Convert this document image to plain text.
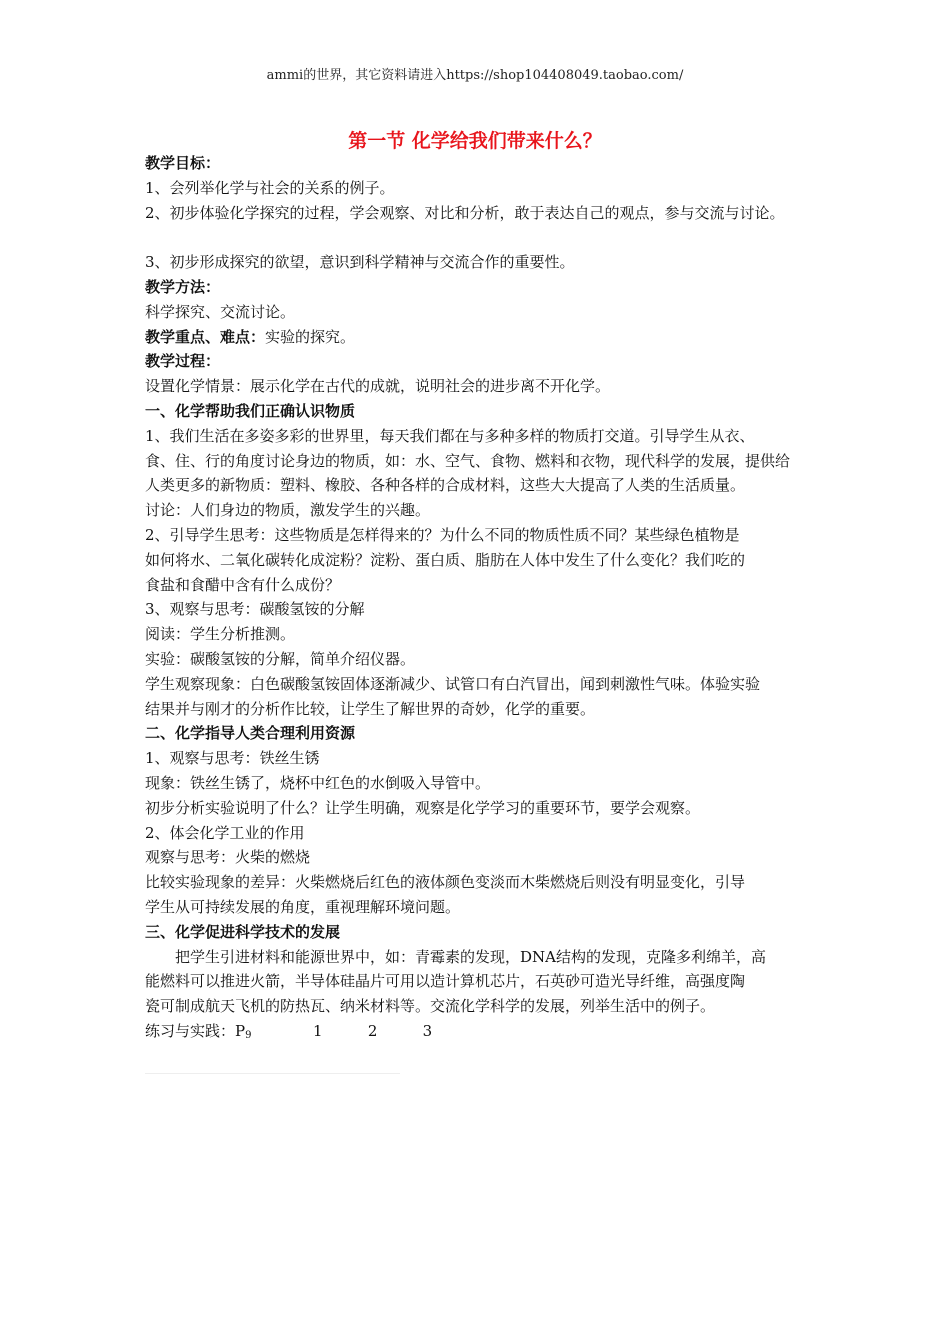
ammi的世界，其它资料请进入https://shop104408049.taobao.com/
第一节 化学给我们带来什么？
教学目标：
1、会列举化学与社会的关系的例子。
2、初步体验化学探究的过程，学会观察、对比和分析，敢于表达自己的观点，参与交流与讨论。
3、初步形成探究的欲望，意识到科学精神与交流合作的重要性。
教学方法：
科学探究、交流讨论。
教学重点、难点：实验的探究。
教学过程：
设置化学情景：展示化学在古代的成就，说明社会的进步离不开化学。
一、化学帮助我们正确认识物质
1、我们生活在多姿多彩的世界里，每天我们都在与多种多样的物质打交道。引导学生从衣、
食、住、行的角度讨论身边的物质，如：水、空气、食物、燃料和衣物，现代科学的发展，提供给
人类更多的新物质：塑料、橡胶、各种各样的合成材料，这些大大提高了人类的生活质量。
讨论：人们身边的物质，激发学生的兴趣。
2、引导学生思考：这些物质是怎样得来的？为什么不同的物质性质不同？某些绿色植物是
如何将水、二氧化碳转化成淀粉？淀粉、蛋白质、脂肪在人体中发生了什么变化？我们吃的
食盐和食醋中含有什么成份？
3、观察与思考：碳酸氢铵的分解
阅读：学生分析推测。
实验：碳酸氢铵的分解，简单介绍仪器。
学生观察现象：白色碳酸氢铵固体逐渐减少、试管口有白汽冒出，闻到刺激性气味。体验实验
结果并与刚才的分析作比较，让学生了解世界的奇妙，化学的重要。
二、化学指导人类合理利用资源
1、观察与思考：铁丝生锈
现象：铁丝生锈了，烧杯中红色的水倒吸入导管中。
初步分析实验说明了什么？让学生明确，观察是化学学习的重要环节，要学会观察。
2、体会化学工业的作用
观察与思考：火柴的燃烧
比较实验现象的差异：火柴燃烧后红色的液体颜色变淡而木柴燃烧后则没有明显变化，引导
学生从可持续发展的角度，重视理解环境问题。
三、化学促进科学技术的发展
把学生引进材料和能源世界中，如：青霉素的发现，DNA结构的发现，克隆多利绵羊，高
能燃料可以推进火箭，半导体硅晶片可用以造计算机芯片，石英砂可造光导纤维，高强度陶
瓷可制成航天飞机的防热瓦、纳米材料等。交流化学科学的发展，列举生活中的例子。
练习与实践：P9	1	2	3
